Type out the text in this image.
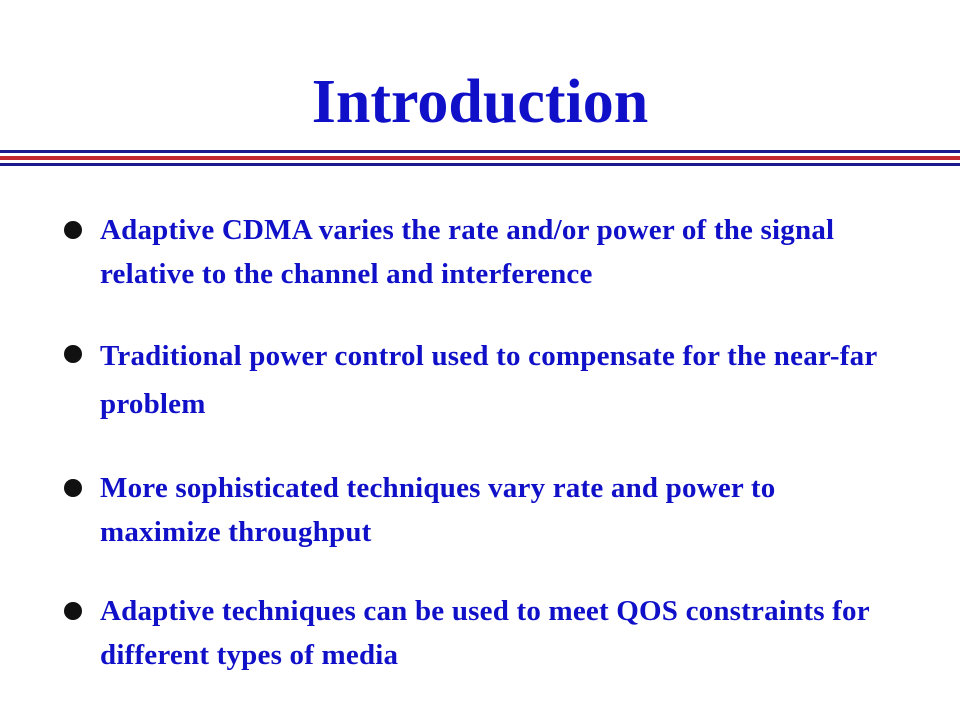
Introduction
Adaptive CDMA varies the rate and/or power of the signal relative to the channel and interference
Traditional power control used to compensate for the near-far problem
More sophisticated techniques vary rate and power to maximize throughput
Adaptive techniques can be used to meet QOS constraints for different types of media
